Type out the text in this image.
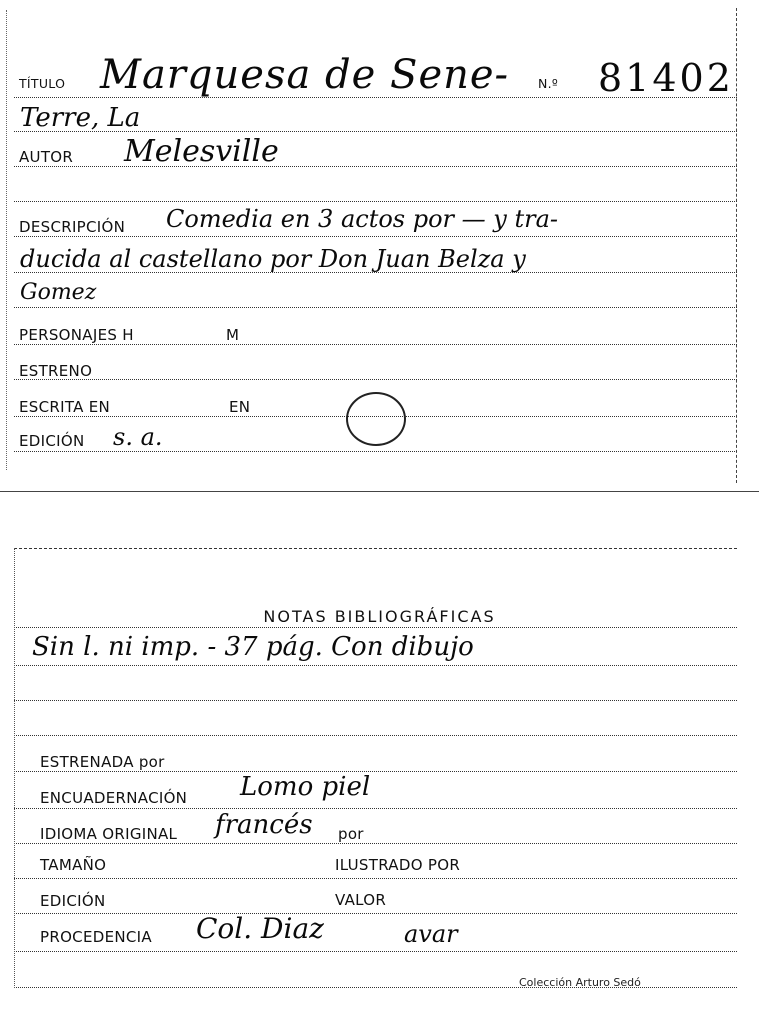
TÍTULO Marquesa de Sene- N.º 81402
Terre, La
AUTOR Melesville
DESCRIPCIÓN Comedia en 3 actos por — y tra-
ducida al castellano por Don Juan Belza y
Gomez
PERSONAJES H	M
ESTRENO
ESCRITA EN	EN
EDICIÓN s. a.
NOTAS BIBLIOGRÁFICAS
Sin l. ni imp. - 37 pág. Con dibujo
ESTRENADA por
ENCUADERNACIÓN Lomo piel
IDIOMA ORIGINAL francés por
TAMAÑO	ILUSTRADO POR
EDICIÓN	VALOR
PROCEDENCIA Col. Diaz	avar
Colección Arturo Sedó
